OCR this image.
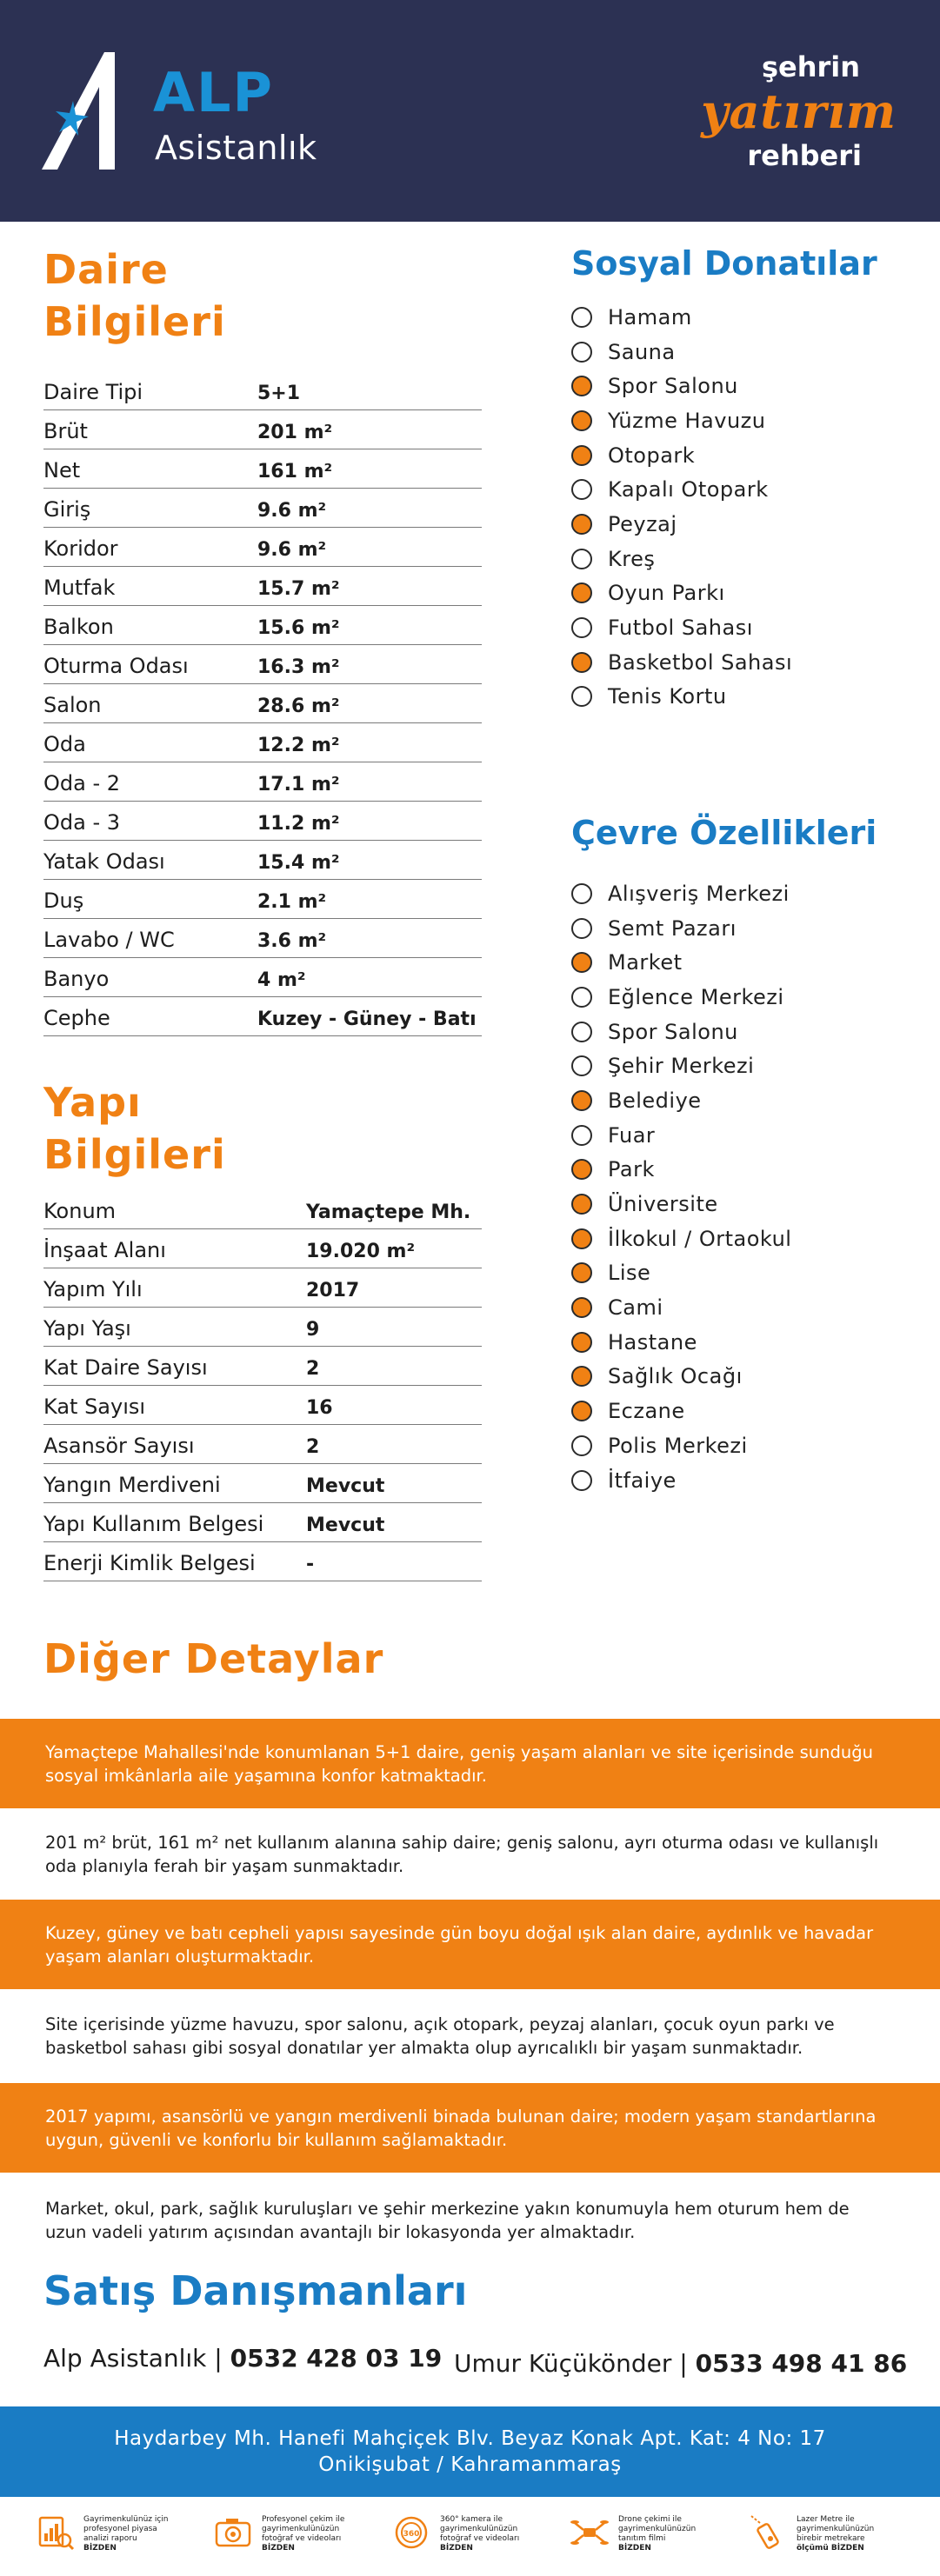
ALP
Asistanlık
şehrin
yatırım
rehberi
Daire
Bilgileri
Daire Tipi	5+1
Brüt	201 m²
Net	161 m²
Giriş	9.6 m²
Koridor	9.6 m²
Mutfak	15.7 m²
Balkon	15.6 m²
Oturma Odası	16.3 m²
Salon	28.6 m²
Oda	12.2 m²
Oda - 2	17.1 m²
Oda - 3	11.2 m²
Yatak Odası	15.4 m²
Duş	2.1 m²
Lavabo / WC	3.6 m²
Banyo	4 m²
Cephe	Kuzey - Güney - Batı
Yapı
Bilgileri
Konum	Yamaçtepe Mh.
İnşaat Alanı	19.020 m²
Yapım Yılı	2017
Yapı Yaşı	9
Kat Daire Sayısı	2
Kat Sayısı	16
Asansör Sayısı	2
Yangın Merdiveni	Mevcut
Yapı Kullanım Belgesi	Mevcut
Enerji Kimlik Belgesi	-
Sosyal Donatılar
Hamam
Sauna
Spor Salonu
Yüzme Havuzu
Otopark
Kapalı Otopark
Peyzaj
Kreş
Oyun Parkı
Futbol Sahası
Basketbol Sahası
Tenis Kortu
Çevre Özellikleri
Alışveriş Merkezi
Semt Pazarı
Market
Eğlence Merkezi
Spor Salonu
Şehir Merkezi
Belediye
Fuar
Park
Üniversite
İlkokul / Ortaokul
Lise
Cami
Hastane
Sağlık Ocağı
Eczane
Polis Merkezi
İtfaiye
Diğer Detaylar

Yamaçtepe Mahallesi'nde konumlanan 5+1 daire, geniş yaşam alanları ve site içerisinde sunduğu sosyal imkânlarla aile yaşamına konfor katmaktadır.

201 m² brüt, 161 m² net kullanım alanına sahip daire; geniş salonu, ayrı oturma odası ve kullanışlı oda planıyla ferah bir yaşam sunmaktadır.

Kuzey, güney ve batı cepheli yapısı sayesinde gün boyu doğal ışık alan daire, aydınlık ve havadar yaşam alanları oluşturmaktadır.

Site içerisinde yüzme havuzu, spor salonu, açık otopark, peyzaj alanları, çocuk oyun parkı ve basketbol sahası gibi sosyal donatılar yer almakta olup ayrıcalıklı bir yaşam sunmaktadır.

2017 yapımı, asansörlü ve yangın merdivenli binada bulunan daire; modern yaşam standartlarına uygun, güvenli ve konforlu bir kullanım sağlamaktadır.

Market, okul, park, sağlık kuruluşları ve şehir merkezine yakın konumuyla hem oturum hem de uzun vadeli yatırım açısından avantajlı bir lokasyonda yer almaktadır.

Satış Danışmanları
Alp Asistanlık | 0532 428 03 19 Umur Küçükönder | 0533 498 41 86
Haydarbey Mh. Hanefi Mahçiçek Blv. Beyaz Konak Apt. Kat: 4 No: 17
Onikişubat / Kahramanmaraş
Gayrimenkulünüz için
profesyonel piyasa
analizi raporu
BİZDEN
Profesyonel çekim ile
gayrimenkulünüzün
fotoğraf ve videoları
BİZDEN
360
360° kamera ile
gayrimenkulünüzün
fotoğraf ve videoları
BİZDEN
Drone çekimi ile
gayrimenkulünüzün
tanıtım filmi
BİZDEN
Lazer Metre ile
gayrimenkulünüzün
birebir metrekare
ölçümü BİZDEN
